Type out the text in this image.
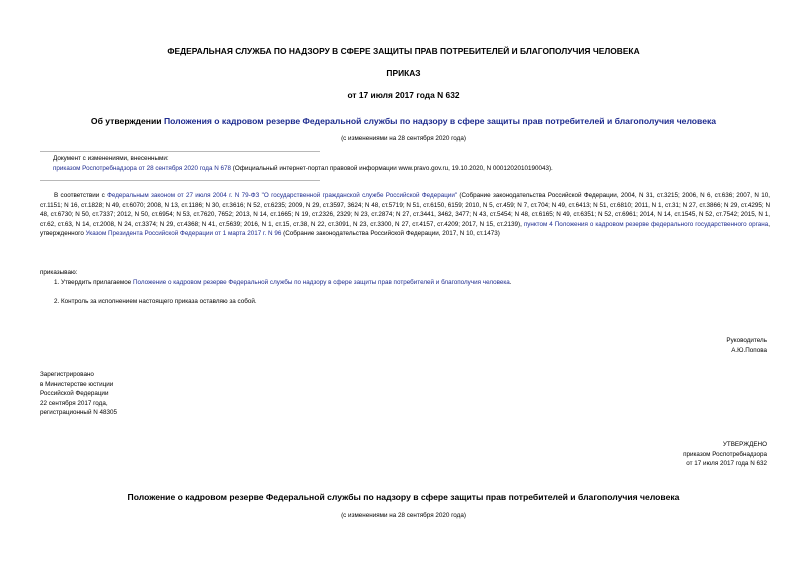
ФЕДЕРАЛЬНАЯ СЛУЖБА ПО НАДЗОРУ В СФЕРЕ ЗАЩИТЫ ПРАВ ПОТРЕБИТЕЛЕЙ И БЛАГОПОЛУЧИЯ ЧЕЛОВЕКА
ПРИКАЗ
от 17 июля 2017 года N 632
Об утверждении Положения о кадровом резерве Федеральной службы по надзору в сфере защиты прав потребителей и благополучия человека
(с изменениями на 28 сентября 2020 года)
Документ с изменениями, внесенными:
приказом Роспотребнадзора от 28 сентября 2020 года N 678 (Официальный интернет-портал правовой информации www.pravo.gov.ru, 19.10.2020, N 0001202010190043).
В соответствии с Федеральным законом от 27 июля 2004 г. N 79-ФЗ "О государственной гражданской службе Российской Федерации" (Собрание законодательства Российской Федерации, 2004, N 31, ст.3215; 2006, N 6, ст.636; 2007, N 10, ст.1151; N 16, ст.1828; N 49, ст.6070; 2008, N 13, ст.1186; N 30, ст.3616; N 52, ст.6235; 2009, N 29, ст.3597, 3624; N 48, ст.5719; N 51, ст.6150, 6159; 2010, N 5, ст.459; N 7, ст.704; N 49, ст.6413; N 51, ст.6810; 2011, N 1, ст.31; N 27, ст.3866; N 29, ст.4295; N 48, ст.6730; N 50, ст.7337; 2012, N 50, ст.6954; N 53, ст.7620, 7652; 2013, N 14, ст.1665; N 19, ст.2326, 2329; N 23, ст.2874; N 27, ст.3441, 3462, 3477; N 43, ст.5454; N 48, ст.6165; N 49, ст.6351; N 52, ст.6961; 2014, N 14, ст.1545, N 52, ст.7542; 2015, N 1, ст.62, ст.63, N 14, ст.2008, N 24, ст.3374; N 29, ст.4368; N 41, ст.5639; 2016, N 1, ст.15, ст.38, N 22, ст.3091, N 23, ст.3300, N 27, ст.4157, ст.4209; 2017, N 15, ст.2139), пунктом 4 Положения о кадровом резерве федерального государственного органа, утвержденного Указом Президента Российской Федерации от 1 марта 2017 г. N 96 (Собрание законодательства Российской Федерации, 2017, N 10, ст.1473)
приказываю:
1. Утвердить прилагаемое Положение о кадровом резерве Федеральной службы по надзору в сфере защиты прав потребителей и благополучия человека.
2. Контроль за исполнением настоящего приказа оставляю за собой.
Руководитель
А.Ю.Попова
Зарегистрировано
в Министерстве юстиции
Российской Федерации
22 сентября 2017 года,
регистрационный N 48305
УТВЕРЖДЕНО
приказом Роспотребнадзора
от 17 июля 2017 года N 632
Положение о кадровом резерве Федеральной службы по надзору в сфере защиты прав потребителей и благополучия человека
(с изменениями на 28 сентября 2020 года)
